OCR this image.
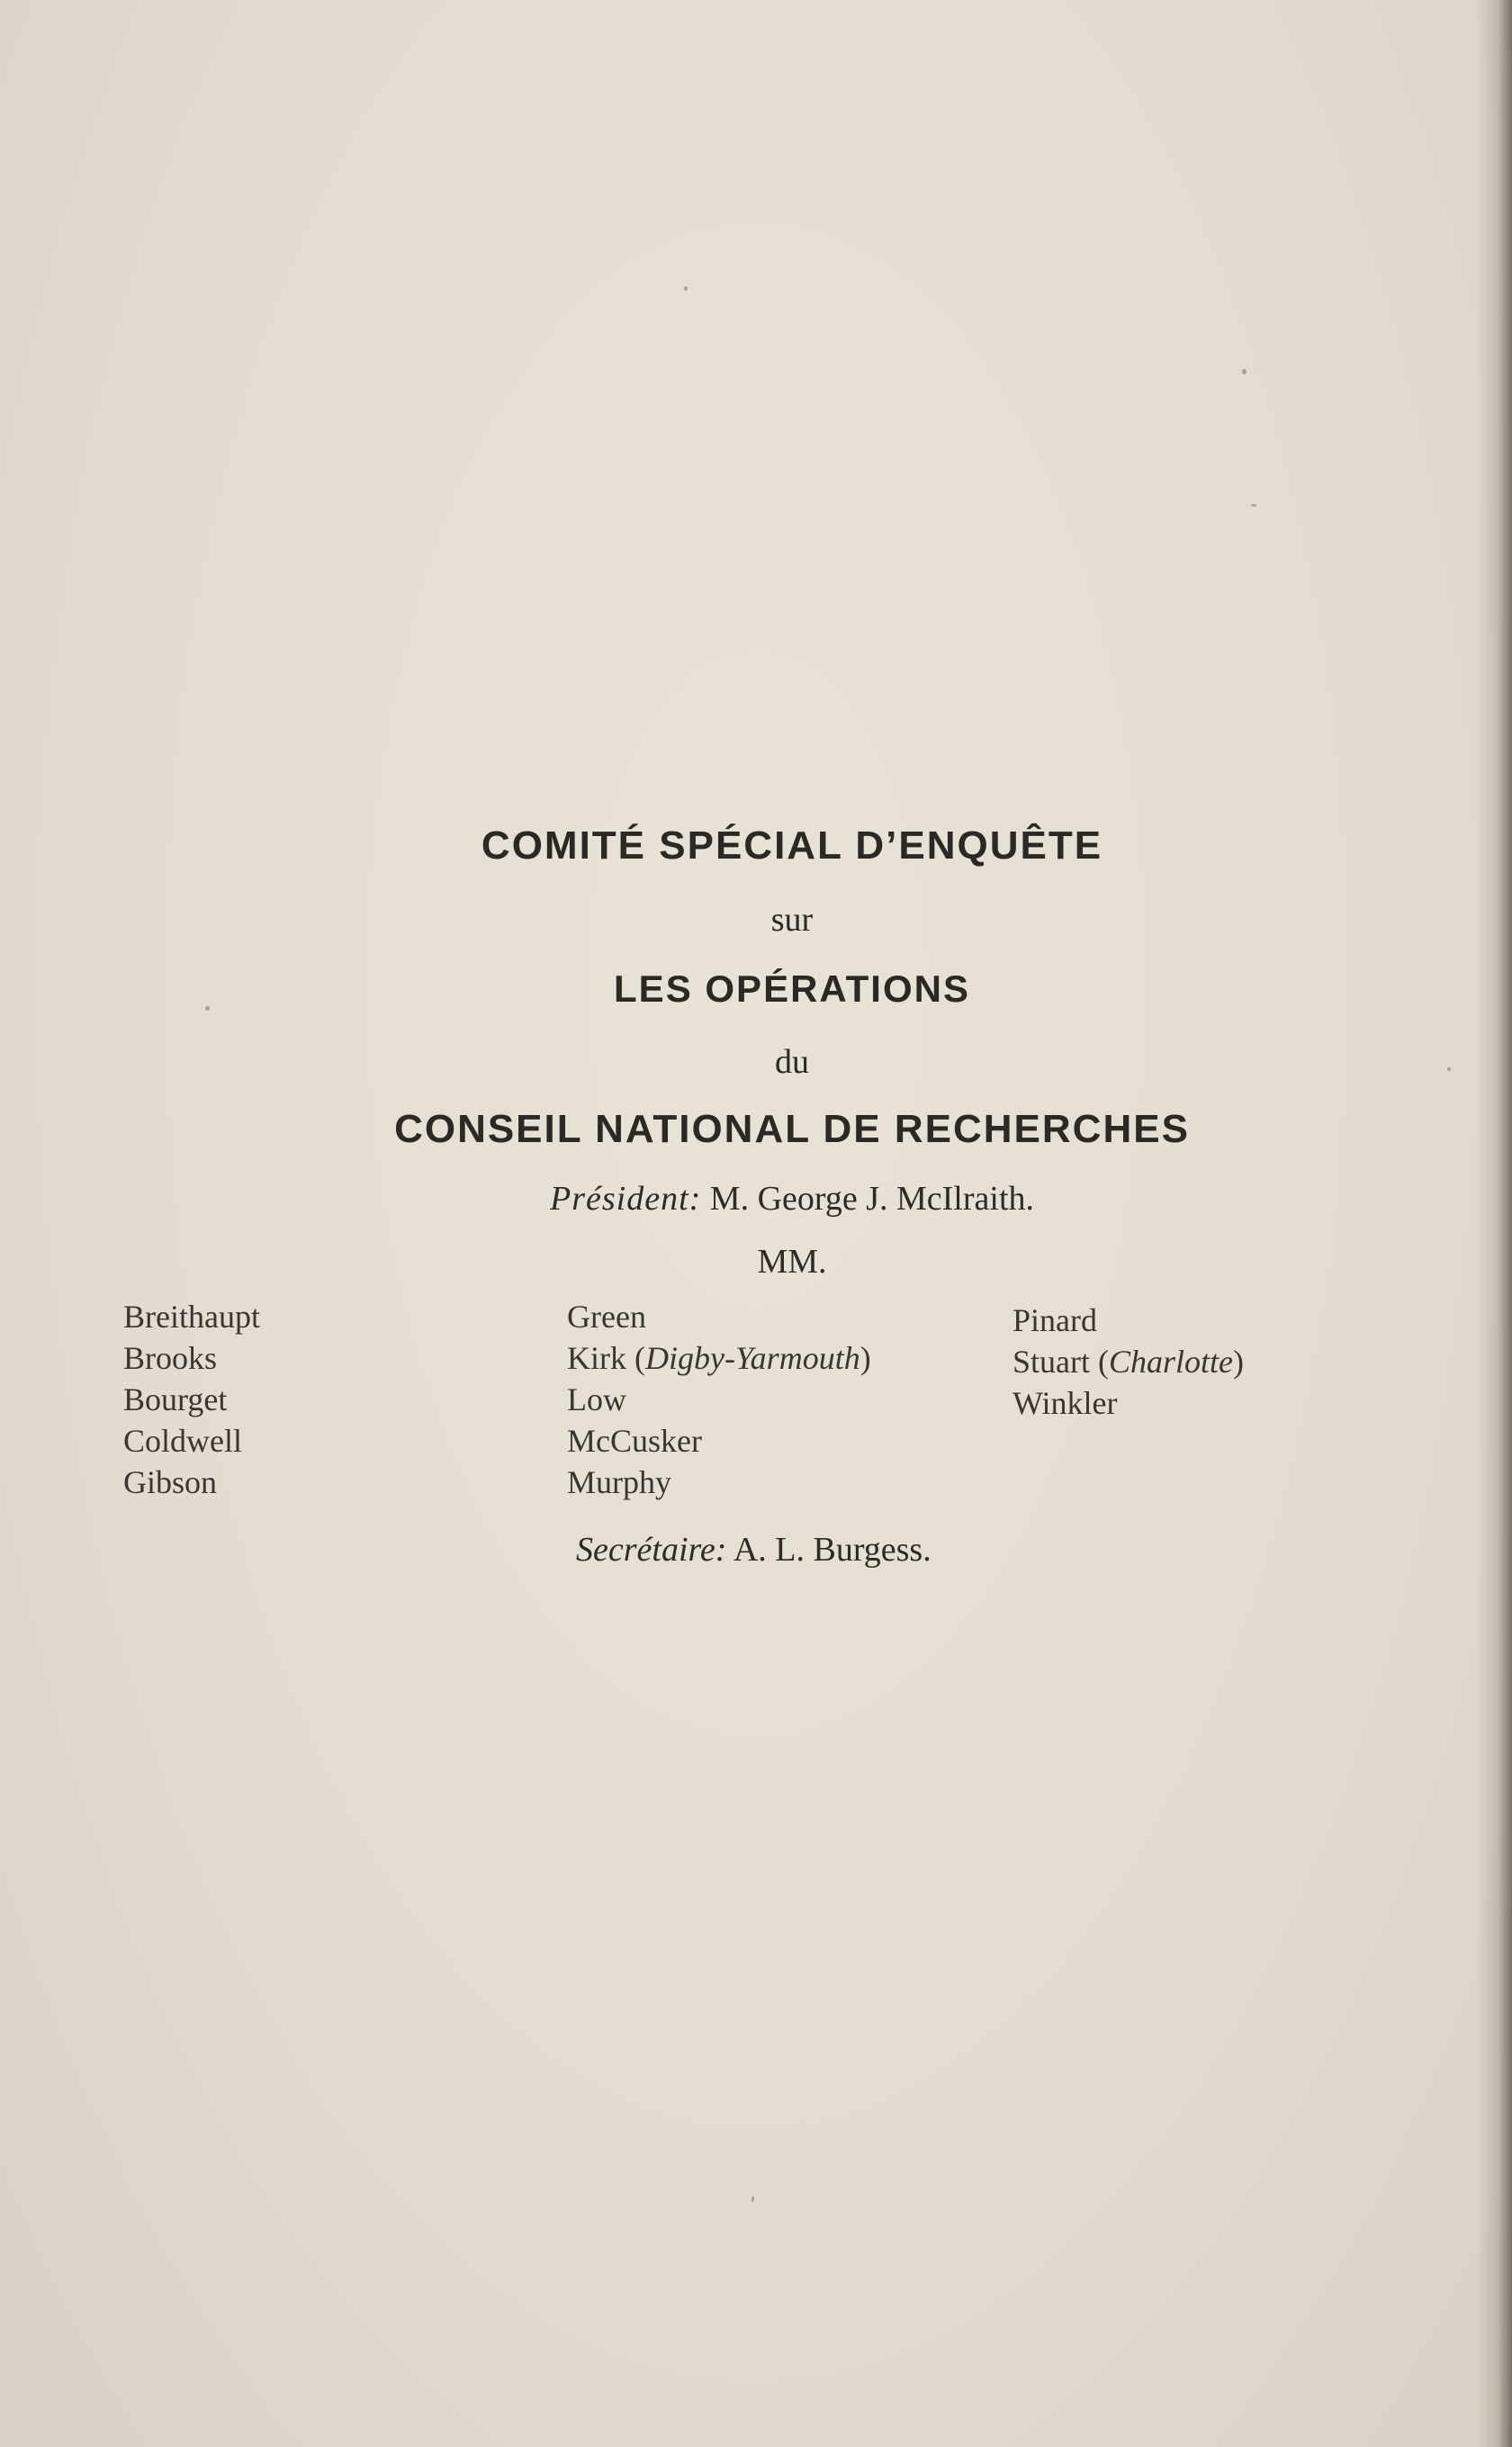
COMITÉ SPÉCIAL D’ENQUÊTE
sur
LES OPÉRATIONS
du
CONSEIL NATIONAL DE RECHERCHES
Président: M. George J. McIlraith.
MM.
Breithaupt
Brooks
Bourget
Coldwell
Gibson
Green
Kirk (Digby-Yarmouth)
Low
McCusker
Murphy
Pinard
Stuart (Charlotte)
Winkler
Secrétaire: A. L. Burgess.
